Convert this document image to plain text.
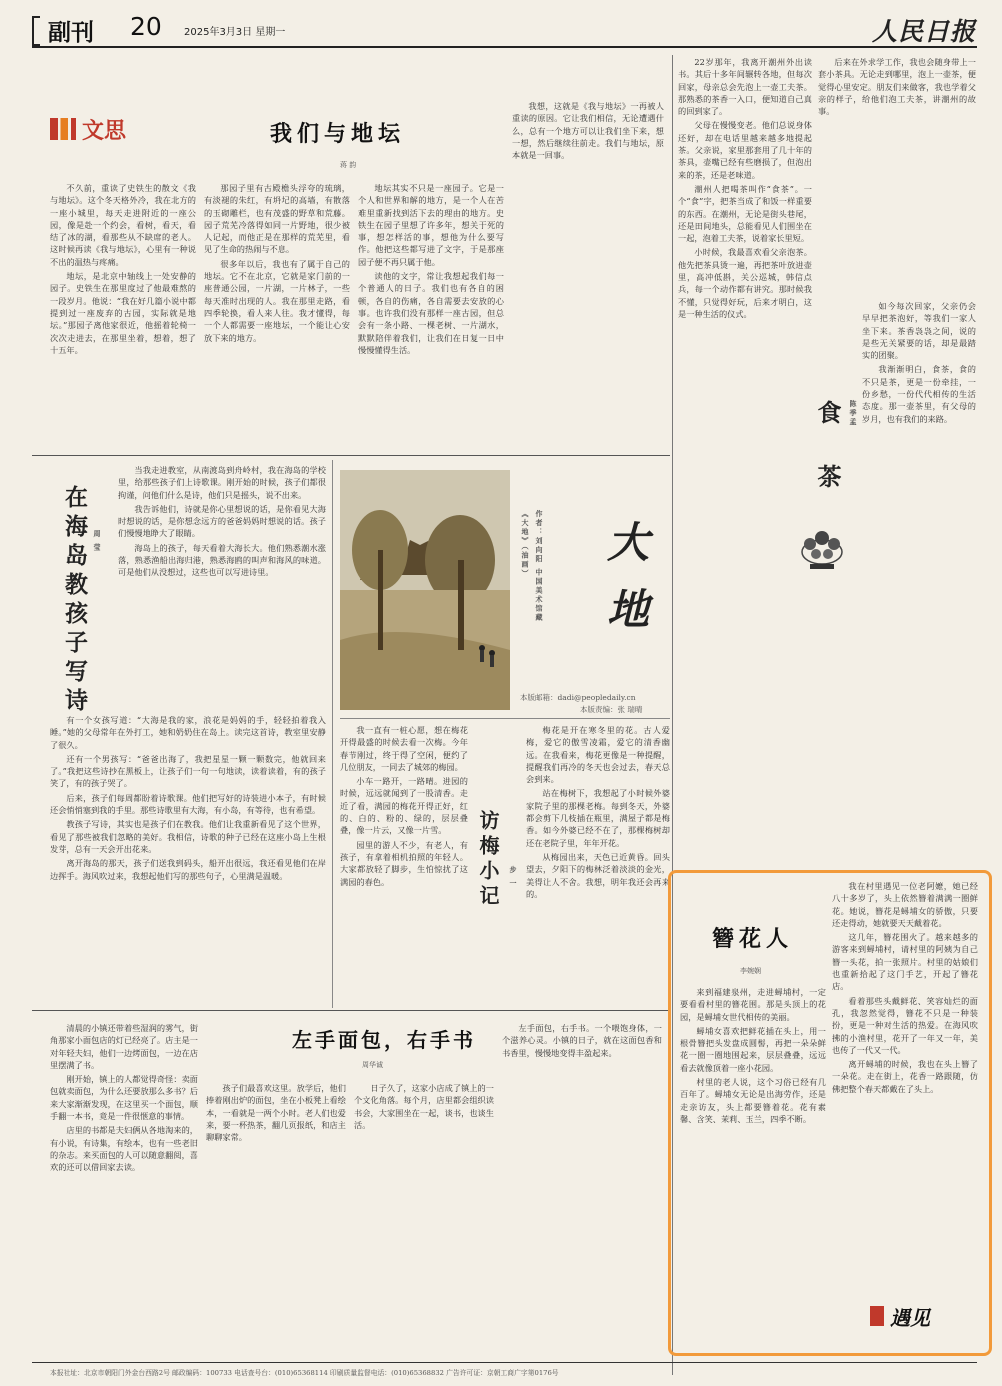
副刊 20 2025年3月3日 星期一	人民日报
文思	我们与地坛
蒋 韵

不久前，重读了史铁生的散文《我与地坛》。这个冬天格外冷，我在北方的一座小城里，每天走进附近的一座公园，像是赴一个约会，看树，看天，看结了冰的湖，看那些从不缺席的老人。这时候再读《我与地坛》，心里有一种说不出的温热与疼痛。

地坛，是北京中轴线上一处安静的园子。史铁生在那里度过了他最难熬的一段岁月。他说：“我在好几篇小说中都提到过一座废弃的古园，实际就是地坛。”那园子离他家很近，他摇着轮椅一次次走进去，在那里坐着，想着，想了十五年。

那园子里有古殿檐头浮夸的琉璃，有淡褪的朱红，有坍圮的高墙，有散落的玉砌雕栏，也有茂盛的野草和荒藤。园子荒芜冷落得如同一片野地，很少被人记起，而他正是在那样的荒芜里，看见了生命的热闹与不息。

很多年以后，我也有了属于自己的地坛。它不在北京，它就是家门前的一座普通公园，一片湖，一片林子，一些每天准时出现的人。我在那里走路，看四季轮换，看人来人往。我才懂得，每一个人都需要一座地坛，一个能让心安放下来的地方。

地坛其实不只是一座园子。它是一个人和世界和解的地方，是一个人在苦难里重新找到活下去的理由的地方。史铁生在园子里想了许多年，想关于死的事，想怎样活的事，想他为什么要写作。他把这些都写进了文字，于是那座园子便不再只属于他。

读他的文字，常让我想起我们每一个普通人的日子。我们也有各自的困顿，各自的伤痛，各自需要去安放的心事。也许我们没有那样一座古园，但总会有一条小路、一棵老树、一片湖水，默默陪伴着我们，让我们在日复一日中慢慢懂得生活。

我想，这就是《我与地坛》一再被人重读的原因。它让我们相信，无论遭遇什么，总有一个地方可以让我们坐下来，想一想，然后继续往前走。我们与地坛，原本就是一回事。

22岁那年，我离开潮州外出读书。其后十多年间辗转各地，但每次回家，母亲总会先泡上一壶工夫茶。那熟悉的茶香一入口，便知道自己真的回到家了。

父母在慢慢变老。他们总说身体还好，却在电话里越来越多地提起茶。父亲说，家里那套用了几十年的茶具，壶嘴已经有些磨损了，但泡出来的茶，还是老味道。

潮州人把喝茶叫作“食茶”。一个“食”字，把茶当成了和饭一样重要的东西。在潮州，无论是街头巷尾，还是田间地头，总能看见人们围坐在一起，泡着工夫茶，说着家长里短。

小时候，我最喜欢看父亲泡茶。他先把茶具烫一遍，再把茶叶放进壶里，高冲低斟，关公巡城，韩信点兵，每一个动作都有讲究。那时候我不懂，只觉得好玩，后来才明白，这是一种生活的仪式。

后来在外求学工作，我也会随身带上一套小茶具。无论走到哪里，泡上一壶茶，便觉得心里安定。朋友们来做客，我也学着父亲的样子，给他们泡工夫茶，讲潮州的故事。

食茶	陈季孟

如今每次回家，父亲仍会早早把茶泡好，等我们一家人坐下来。茶香袅袅之间，说的是些无关紧要的话，却是最踏实的团聚。

我渐渐明白，食茶，食的不只是茶，更是一份牵挂，一份乡愁，一份代代相传的生活态度。那一壶茶里，有父母的岁月，也有我们的来路。

在海岛教孩子写诗 周 莹

当我走进教室，从南渡岛到舟岭村，我在海岛的学校里，给那些孩子们上诗歌课。刚开始的时候，孩子们都很拘谨，问他们什么是诗，他们只是摇头，说不出来。

我告诉他们，诗就是你心里想说的话，是你看见大海时想说的话，是你想念远方的爸爸妈妈时想说的话。孩子们慢慢地睁大了眼睛。

海岛上的孩子，每天看着大海长大。他们熟悉潮水涨落，熟悉渔船出海归港，熟悉海鸥的叫声和海风的味道。可是他们从没想过，这些也可以写进诗里。

有一个女孩写道：“大海是我的家，浪花是妈妈的手，轻轻拍着我入睡。”她的父母常年在外打工，她和奶奶住在岛上。读完这首诗，教室里安静了很久。

还有一个男孩写：“爸爸出海了，我把星星一颗一颗数完，他就回来了。”我把这些诗抄在黑板上，让孩子们一句一句地读，读着读着，有的孩子笑了，有的孩子哭了。

后来，孩子们每周都盼着诗歌课。他们把写好的诗装进小本子，有时候还会悄悄塞到我的手里。那些诗歌里有大海，有小岛，有等待，也有希望。

教孩子写诗，其实也是孩子们在教我。他们让我重新看见了这个世界，看见了那些被我们忽略的美好。我相信，诗歌的种子已经在这座小岛上生根发芽，总有一天会开出花来。

离开海岛的那天，孩子们送我到码头，船开出很远，我还看见他们在岸边挥手。海风吹过来，我想起他们写的那些句子，心里满是温暖。

《大地》（油画） 作者：刘向阳 中国美术馆藏 大地
本版邮箱：dadi@peopledaily.cn
本版责编：张 瑞晴

我一直有一桩心愿，想在梅花开得最盛的时候去看一次梅。今年春节刚过，终于得了空闲，便约了几位朋友，一同去了城郊的梅园。

小车一路开，一路晴。进园的时候，远远就闻到了一股清香。走近了看，满园的梅花开得正好，红的、白的、粉的、绿的，层层叠叠，像一片云，又像一片雪。

园里的游人不少，有老人，有孩子，有拿着相机拍照的年轻人。大家都放轻了脚步，生怕惊扰了这满园的春色。	访梅小记	步 一

梅花是开在寒冬里的花。古人爱梅，爱它的傲雪凌霜，爱它的清香幽远。在我看来，梅花更像是一种提醒，提醒我们再冷的冬天也会过去，春天总会到来。

站在梅树下，我想起了小时候外婆家院子里的那棵老梅。每到冬天，外婆都会剪下几枝插在瓶里，满屋子都是梅香。如今外婆已经不在了，那棵梅树却还在老院子里，年年开花。

从梅园出来，天色已近黄昏。回头望去，夕阳下的梅林泛着淡淡的金光，美得让人不舍。我想，明年我还会再来的。

清晨的小镇还带着些湿润的雾气，街角那家小面包店的灯已经亮了。店主是一对年轻夫妇，他们一边烤面包，一边在店里摆满了书。

刚开始，镇上的人都觉得奇怪：卖面包就卖面包，为什么还要放那么多书？后来大家渐渐发现，在这里买一个面包，顺手翻一本书，竟是一件很惬意的事情。

店里的书都是夫妇俩从各地淘来的，有小说，有诗集，有绘本，也有一些老旧的杂志。来买面包的人可以随意翻阅，喜欢的还可以借回家去读。

左手面包，右手书
周华诚

孩子们最喜欢这里。放学后，他们捧着刚出炉的面包，坐在小板凳上看绘本，一看就是一两个小时。老人们也爱来，要一杯热茶，翻几页报纸，和店主聊聊家常。

日子久了，这家小店成了镇上的一个文化角落。每个月，店里都会组织读书会，大家围坐在一起，谈书，也谈生活。

左手面包，右手书。一个喂饱身体，一个滋养心灵。小镇的日子，就在这面包香和书香里，慢慢地变得丰盈起来。

簪花人
李婉娴

来到福建泉州，走进蟳埔村，一定要看看村里的簪花围。那是头顶上的花园，是蟳埔女世代相传的美丽。

蟳埔女喜欢把鲜花插在头上，用一根骨簪把头发盘成圆髻，再把一朵朵鲜花一圈一圈地围起来，层层叠叠，远远看去就像顶着一座小花园。

村里的老人说，这个习俗已经有几百年了。蟳埔女无论是出海劳作，还是走亲访友，头上都要簪着花。花有素馨、含笑、茉莉、玉兰，四季不断。

我在村里遇见一位老阿嬷，她已经八十多岁了，头上依然簪着满满一圈鲜花。她说，簪花是蟳埔女的骄傲，只要还走得动，她就要天天戴着花。

这几年，簪花围火了。越来越多的游客来到蟳埔村，请村里的阿姨为自己簪一头花，拍一张照片。村里的姑娘们也重新拾起了这门手艺，开起了簪花店。

看着那些头戴鲜花、笑容灿烂的面孔，我忽然觉得，簪花不只是一种装扮，更是一种对生活的热爱。在海风吹拂的小渔村里，花开了一年又一年，美也传了一代又一代。

离开蟳埔的时候，我也在头上簪了一朵花。走在街上，花香一路跟随，仿佛把整个春天都戴在了头上。

遇见
本报社址：北京市朝阳门外金台西路2号 邮政编码：100733 电话查号台：(010)65368114 印刷质量监督电话：(010)65368832 广告许可证：京朝工商广字第0176号
